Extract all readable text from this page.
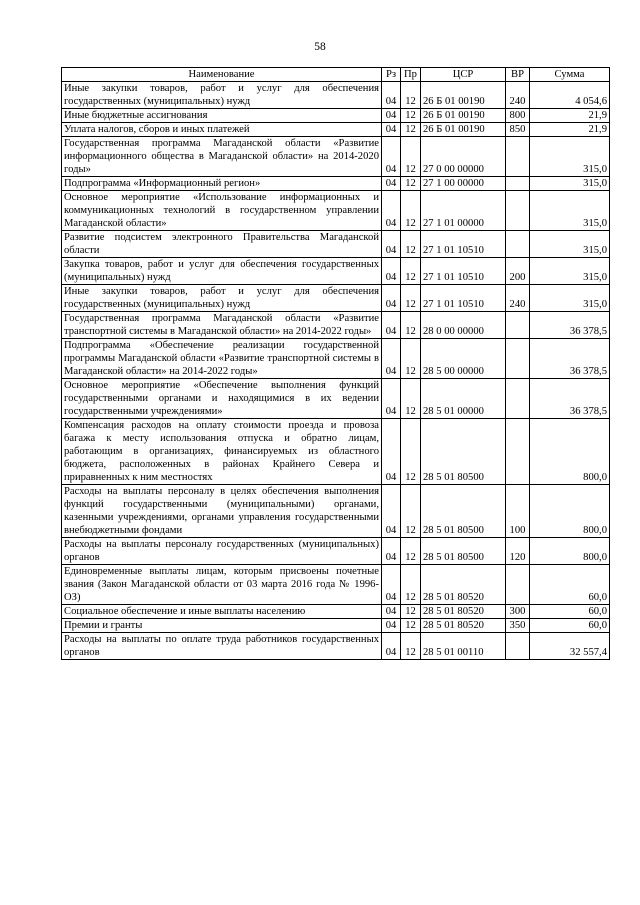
58
Наименование	Рз	Пр	ЦСР	ВР	Сумма
Иные закупки товаров, работ и услуг для обеспечения государственных (муниципальных) нужд	04	12	26 Б 01 00190	240	4 054,6
Иные бюджетные ассигнования	04	12	26 Б 01 00190	800	21,9
Уплата налогов, сборов и иных платежей	04	12	26 Б 01 00190	850	21,9
Государственная программа Магаданской области «Развитие информационного общества в Магаданской области» на 2014-2020 годы»	04	12	27 0 00 00000		315,0
Подпрограмма «Информационный регион»	04	12	27 1 00 00000		315,0
Основное мероприятие «Использование информационных и коммуникационных технологий в государственном управлении Магаданской области»	04	12	27 1 01 00000		315,0
Развитие подсистем электронного Правительства Магаданской области	04	12	27 1 01 10510		315,0
Закупка товаров, работ и услуг для обеспечения государственных (муниципальных) нужд	04	12	27 1 01 10510	200	315,0
Иные закупки товаров, работ и услуг для обеспечения государственных (муниципальных) нужд	04	12	27 1 01 10510	240	315,0
Государственная программа Магаданской области «Развитие транспортной системы в Магаданской области» на 2014-2022 годы»	04	12	28 0 00 00000		36 378,5
Подпрограмма «Обеспечение реализации государственной программы Магаданской области «Развитие транспортной системы в Магаданской области» на 2014-2022 годы»	04	12	28 5 00 00000		36 378,5
Основное мероприятие «Обеспечение выполнения функций государственными органами и находящимися в их ведении государственными учреждениями»	04	12	28 5 01 00000		36 378,5
Компенсация расходов на оплату стоимости проезда и провоза багажа к месту использования отпуска и обратно лицам, работающим в организациях, финансируемых из областного бюджета, расположенных в районах Крайнего Севера и приравненных к ним местностях	04	12	28 5 01 80500		800,0
Расходы на выплаты персоналу в целях обеспечения выполнения функций государственными (муниципальными) органами, казенными учреждениями, органами управления государственными внебюджетными фондами	04	12	28 5 01 80500	100	800,0
Расходы на выплаты персоналу государственных (муниципальных) органов	04	12	28 5 01 80500	120	800,0
Единовременные выплаты лицам, которым присвоены почетные звания (Закон Магаданской области от 03 марта 2016 года № 1996-ОЗ)	04	12	28 5 01 80520		60,0
Социальное обеспечение и иные выплаты населению	04	12	28 5 01 80520	300	60,0
Премии и гранты	04	12	28 5 01 80520	350	60,0
Расходы на выплаты по оплате труда работников государственных органов	04	12	28 5 01 00110		32 557,4
